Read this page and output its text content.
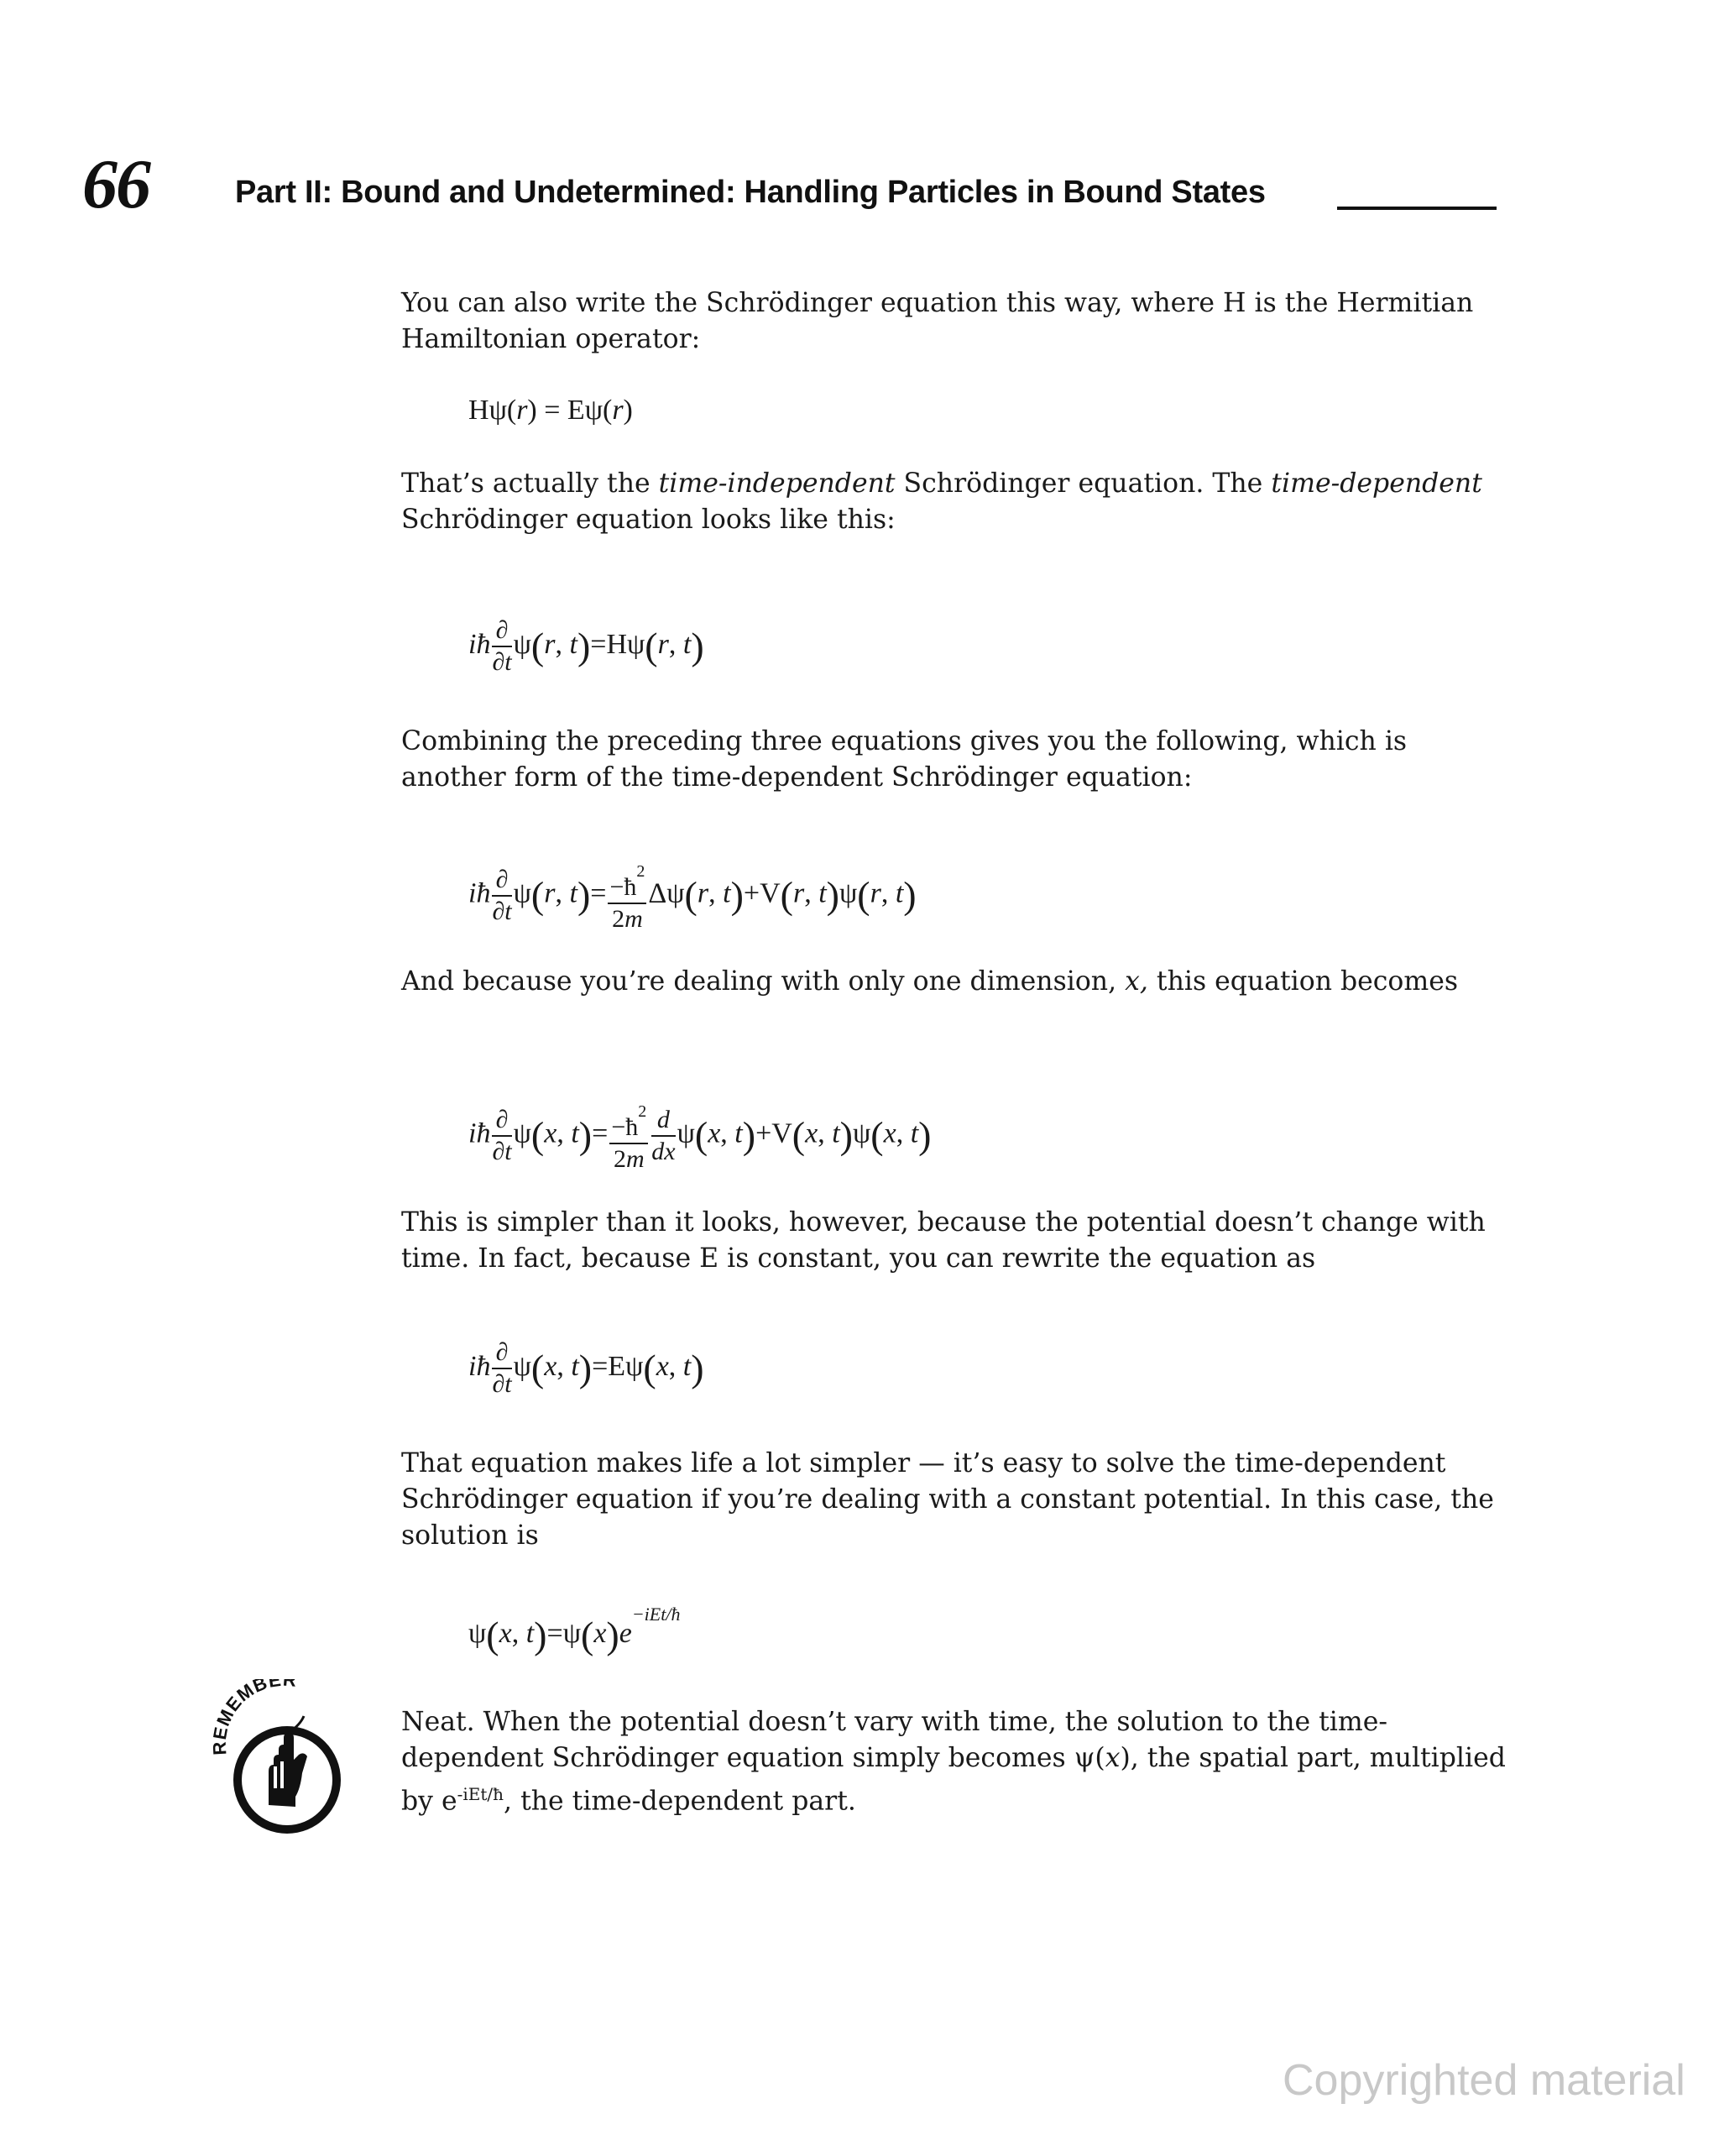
66	Part II: Bound and Undetermined: Handling Particles in Bound States

You can also write the Schrödinger equation this way, where H is the Hermitian Hamiltonian operator:

Hψ(r) = Eψ(r)

That’s actually the time-independent Schrödinger equation. The time-dependent Schrödinger equation looks like this:

iħ $\frac{\partial}{\partial t} \psi(r$, t)=Hψ(r, t)

Combining the preceding three equations gives you the following, which is another form of the time-dependent Schrödinger equation:

iħ $\frac{\partial}{\partial t} \psi(r$, $t)= \frac{-ħ^2}{2m} \Delta\psi(r$, t)+V(r, t)ψ(r, t)

And because you’re dealing with only one dimension, x, this equation becomes

iħ $\frac{\partial}{\partial t} \psi(x$, $t)= \frac{-ħ^2}{2m} \frac{d}{dx} \psi(x$, t)+V(x, t)ψ(x, t)

This is simpler than it looks, however, because the potential doesn’t change with time. In fact, because E is constant, you can rewrite the equation as

iħ $\frac{\partial}{\partial t} \psi(x$, t)=Eψ(x, t)

That equation makes life a lot simpler — it’s easy to solve the time-dependent Schrödinger equation if you’re dealing with a constant potential. In this case, the solution is

ψ(x, $t)=\psi(x)e^{-iEt/ħ}$
REMEMBER

Neat. When the potential doesn’t vary with time, the solution to the time-dependent Schrödinger equation simply becomes ψ(x), the spatial part, multiplied by $e^{-iEt/ħ}$, the time-dependent part.

Copyrighted material
